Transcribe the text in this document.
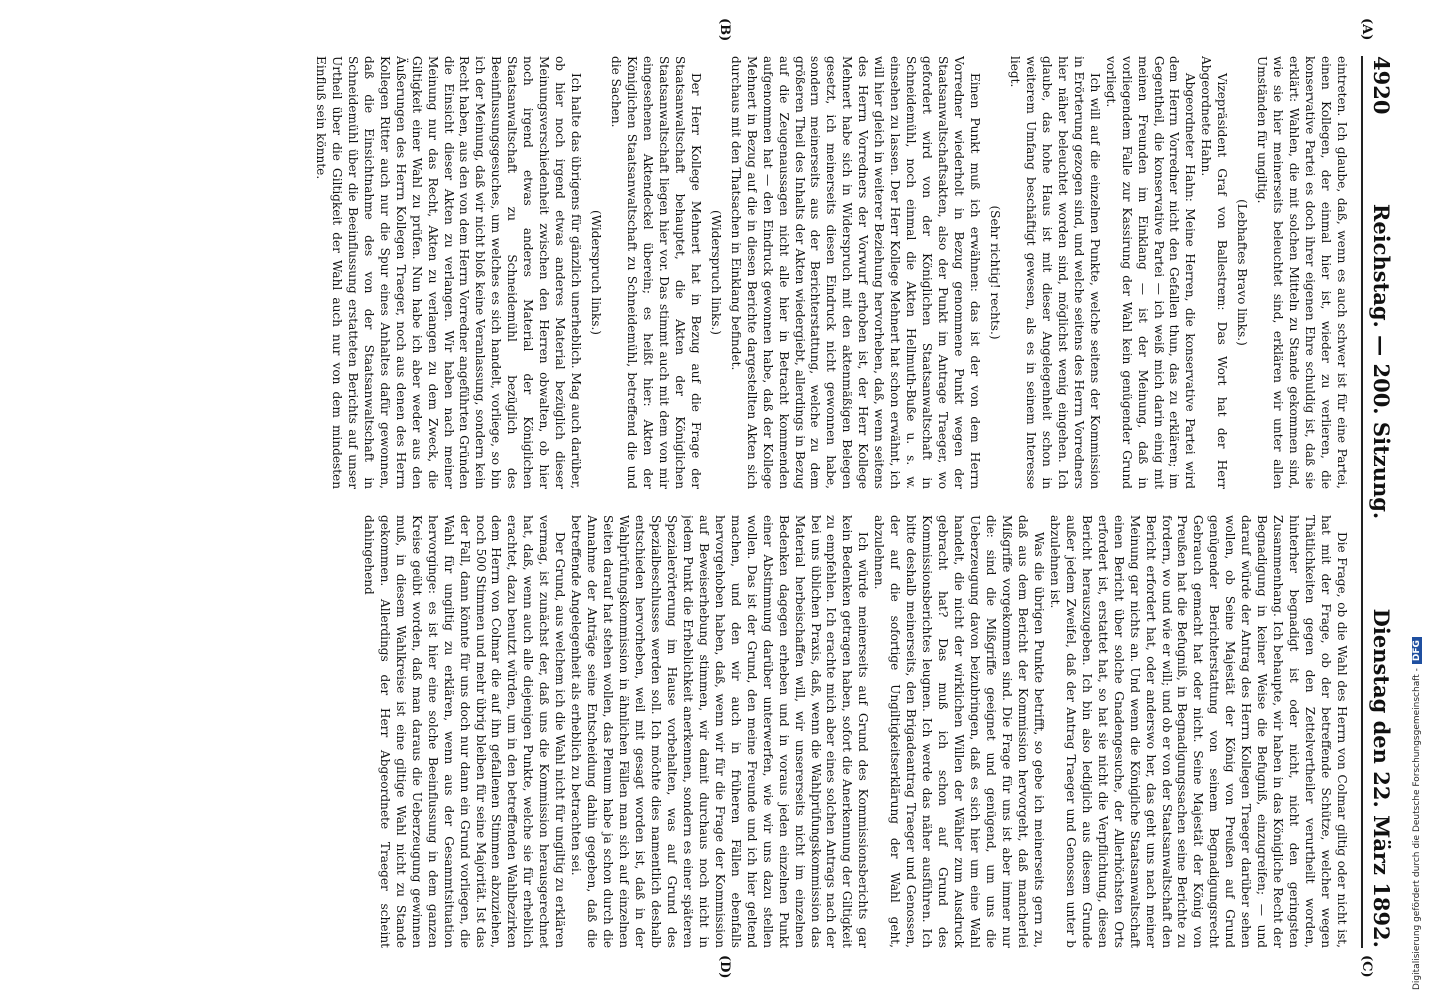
4920
Reichstag. — 200. Sitzung.
Dienstag den 22. März 1892.

eintreten. Ich glaube, daß, wenn es auch schwer ist für eine Partei, einen Kollegen, der einmal hier ist, wieder zu verlieren, die konservative Partei es doch ihrer eigenen Ehre schuldig ist, daß sie erklärt: Wahlen, die mit solchen Mitteln zu Stande gekommen sind, wie sie hier meinerseits beleuchtet sind, erklären wir unter allen Umständen für ungiltig.

(Lebhaftes Bravo links.)

Vizepräsident Graf von Ballestrem: Das Wort hat der Herr Abgeordnete Hahn.

Abgeordneter Hahn: Meine Herren, die konservative Partei wird dem Herrn Vorredner nicht den Gefallen thun, das zu erklären; im Gegentheil, die konservative Partei — ich weiß mich darin einig mit meinen Freunden im Einklang — ist der Meinung, daß in vorliegendem Falle zur Kassirung der Wahl kein genügender Grund vorliegt.

Ich will auf die einzelnen Punkte, welche seitens der Kommission in Erörterung gezogen sind, und welche seitens des Herrn Vorredners hier näher beleuchtet worden sind, möglichst wenig eingehen. Ich glaube, das hohe Haus ist mit dieser Angelegenheit schon in weiterem Umfang beschäftigt gewesen, als es in seinem Interesse liegt.

(Sehr richtig! rechts.)

Einen Punkt muß ich erwähnen: das ist der von dem Herrn Vorredner wiederholt in Bezug genommene Punkt wegen der Staatsanwaltschaftsakten, also der Punkt im Antrage Traeger, wo gefordert wird von der Königlichen Staatsanwaltschaft in Schneidemühl, noch einmal die Akten Hellmuth-Buße u. s. w. einsehen zu lassen. Der Herr Kollege Mehnert hat schon erwähnt, ich will hier gleich in weiterer Beziehung hervorheben, daß, wenn seitens des Herrn Vorredners der Vorwurf erhoben ist, der Herr Kollege Mehnert habe sich in Widerspruch mit den aktenmäßigen Belegen gesetzt, ich meinerseits diesen Eindruck nicht gewonnen habe, sondern meinerseits aus der Berichterstattung, welche zu dem größeren Theil des Inhalts der Akten wiedergiebt, allerdings in Bezug auf die Zeugenaussagen nicht alle hier in Betracht kommenden aufgenommen hat — den Eindruck gewonnen habe, daß der Kollege Mehnert in Bezug auf die in diesen Berichte dargestellten Akten sich durchaus mit den Thatsachen in Einklang befindet.

(Widerspruch links.)

Der Herr Kollege Mehnert hat in Bezug auf die Frage der Staatsanwaltschaft behauptet, die Akten der Königlichen Staatsanwaltschaft liegen hier vor. Das stimmt auch mit dem von mir eingesehenen Aktendeckel überein; es heißt hier: Akten der Königlichen Staatsanwaltschaft zu Schneidemühl, betreffend die und die Sachen.

(Widerspruch links.)

Ich halte das übrigens für gänzlich unerheblich. Mag auch darüber, ob hier noch irgend etwas anderes Material bezüglich dieser Meinungsverschiedenheit zwischen den Herren obwalten, ob hier noch irgend etwas anderes Material der Königlichen Staatsanwaltschaft zu Schneidemühl bezüglich des Beeinflussungsgesuches, um welches es sich handelt, vorliege, so bin ich der Meinung, daß wir nicht bloß keine Veranlassung, sondern kein Recht haben, aus den von dem Herrn Vorredner angeführten Gründen die Einsicht dieser Akten zu verlangen. Wir haben nach meiner Meinung nur das Recht, Akten zu verlangen zu dem Zweck, die Giltigkeit einer Wahl zu prüfen. Nun habe ich aber weder aus den Äußerungen des Herrn Kollegen Traeger, noch aus denen des Herrn Kollegen Ritter auch nur die Spur eines Anhaltes dafür gewonnen, daß die Einsichtnahme des von der Staatsanwaltschaft in Schneidemühl über die Beeinflussung erstatteten Berichts auf unser Urtheil über die Giltigkeit der Wahl auch nur von dem mindesten Einfluß sein könnte.

Die Frage, ob die Wahl des Herrn von Colmar giltig oder nicht ist, hat mit der Frage, ob der betreffende Schütze, welcher wegen Thätlichkeiten gegen den Zettelvertheiler verurtheilt worden, hinterher begnadigt ist oder nicht, nicht den geringsten Zusammenhang. Ich behaupte, wir haben in das Königliche Recht der Begnadigung in keiner Weise die Befugniß, einzugreifen; — und darauf würde der Antrag des Herrn Kollegen Traeger darüber sehen wollen, ob Seine Majestät der König von Preußen auf Grund genügender Berichterstattung von seinem Begnadigungsrecht Gebrauch gemacht hat oder nicht. Seine Majestät der König von Preußen hat die Befugniß, in Begnadigungssachen seine Berichte zu fordern, wo und wie er will; und ob er von der Staatsanwaltschaft den Bericht erfordert hat, oder anderswo her, das geht uns nach meiner Meinung gar nichts an. Und wenn die Königliche Staatsanwaltschaft einen Bericht über solche Gnadengesuche, der Allerhöchsten Orts erfordert ist, erstattet hat, so hat sie nicht die Verpflichtung, diesen Bericht herauszugeben. Ich bin also lediglich aus diesem Grunde außer jedem Zweifel, daß der Antrag Traeger und Genossen unter b abzulehnen ist.

Was die übrigen Punkte betrifft, so gebe ich meinerseits gern zu, daß aus dem Bericht der Kommission hervorgeht, daß mancherlei Mißgriffe vorgekommen sind. Die Frage für uns ist aber immer nur die: sind die Mißgriffe geeignet und genügend, um uns die Ueberzeugung davon beizubringen, daß es sich hier um eine Wahl handelt, die nicht der wirklichen Willen der Wähler zum Ausdruck gebracht hat? Das muß ich schon auf Grund des Kommissionsberichtes leugnen. Ich werde das näher ausführen. Ich bitte deshalb meinerseits, den Brigadeantrag Traeger und Genossen, der auf die sofortige Ungiltigkeitserklärung der Wahl geht, abzulehnen.

Ich würde meinerseits auf Grund des Kommissionsberichts gar kein Bedenken getragen haben, sofort die Anerkennung der Giltigkeit zu empfehlen. Ich erachte mich aber eines solchen Antrags nach der bei uns üblichen Praxis, daß, wenn die Wahlprüfungskommission das Material herbeischaffen will, wir unsererseits nicht im einzelnen Bedenken dagegen erheben und in voraus jeden einzelnen Punkt einer Abstimmung darüber unterwerfen, wie wir uns dazu stellen wollen. Das ist der Grund, den meine Freunde und ich hier geltend machen, und den wir auch in früheren Fällen ebenfalls hervorgehoben haben, daß, wenn wir für die Frage der Kommission auf Beweiserhebung stimmen, wir damit durchaus noch nicht in jedem Punkt die Erheblichkeit anerkennen, sondern es einer späteren Spezialerörterung im Hause vorbehalten, was auf Grund des Spezialbeschlusses werden soll. Ich möchte dies namentlich deshalb entschieden hervorheben, weil mit gesagt worden ist, daß in der Wahlprüfungskommission in ähnlichen Fällen man sich auf einzelnen Seiten darauf hat stehen wollen, das Plenum habe ja schon durch die Annahme der Anträge seine Entscheidung dahin gegeben, daß die betreffende Angelegenheit als erheblich zu betrachten sei.

Der Grund, aus welchem ich die Wahl nicht für ungiltig zu erklären vermag, ist zunächst der, daß uns die Kommission herausgerechnet hat, daß, wenn auch alle diejenigen Punkte, welche sie für erheblich erachtet, dazu benutzt würden, um in den betreffenden Wahlbezirken dem Herrn von Colmar die auf ihn gefallenen Stimmen abzuziehen, noch 500 Stimmen und mehr übrig bleiben für seine Majorität. Ist das der Fall, dann könnte für uns doch nur dann ein Grund vorliegen, die Wahl für ungiltig zu erklären, wenn aus der Gesammtsituation hervorginge: es ist hier eine solche Beeinflussung in dem ganzen Kreise geübt worden, daß man daraus die Ueberzeugung gewinnen muß, in diesem Wahlkreise ist eine giltige Wahl nicht zu Stande gekommen. Allerdings der Herr Abgeordnete Traeger scheint dahingehend

(A)
(B)
(C)
(D)	Digitalisierung gefördert durch die Deutsche Forschungsgemeinschaft -DFG
